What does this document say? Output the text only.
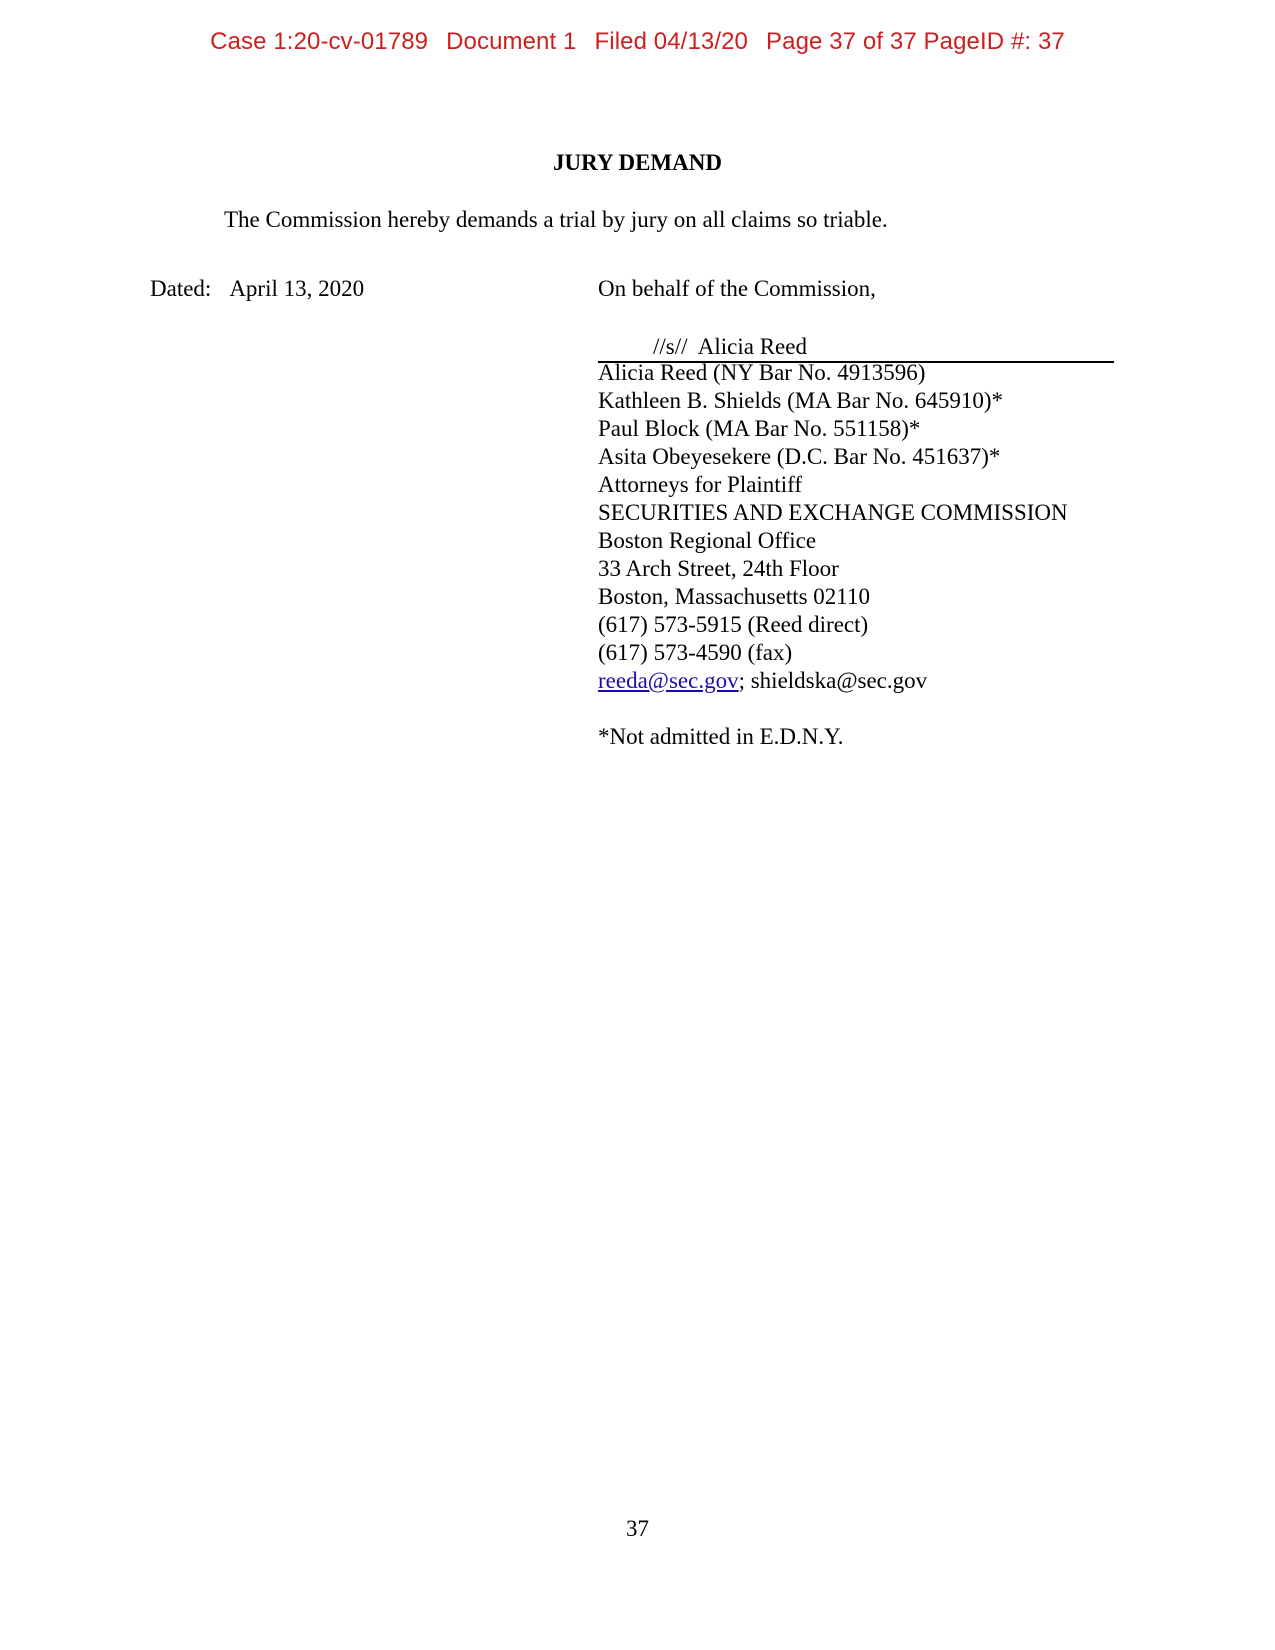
Case 1:20-cv-01789 Document 1 Filed 04/13/20 Page 37 of 37 PageID #: 37
JURY DEMAND
The Commission hereby demands a trial by jury on all claims so triable.
Dated: April 13, 2020	On behalf of the Commission,
//s//  Alicia Reed
Alicia Reed (NY Bar No. 4913596)
Kathleen B. Shields (MA Bar No. 645910)*
Paul Block (MA Bar No. 551158)*
Asita Obeyesekere (D.C. Bar No. 451637)*
Attorneys for Plaintiff
SECURITIES AND EXCHANGE COMMISSION
Boston Regional Office
33 Arch Street, 24th Floor
Boston, Massachusetts 02110
(617) 573-5915 (Reed direct)
(617) 573-4590 (fax)
reeda@sec.gov; shieldska@sec.gov
*Not admitted in E.D.N.Y.
37
